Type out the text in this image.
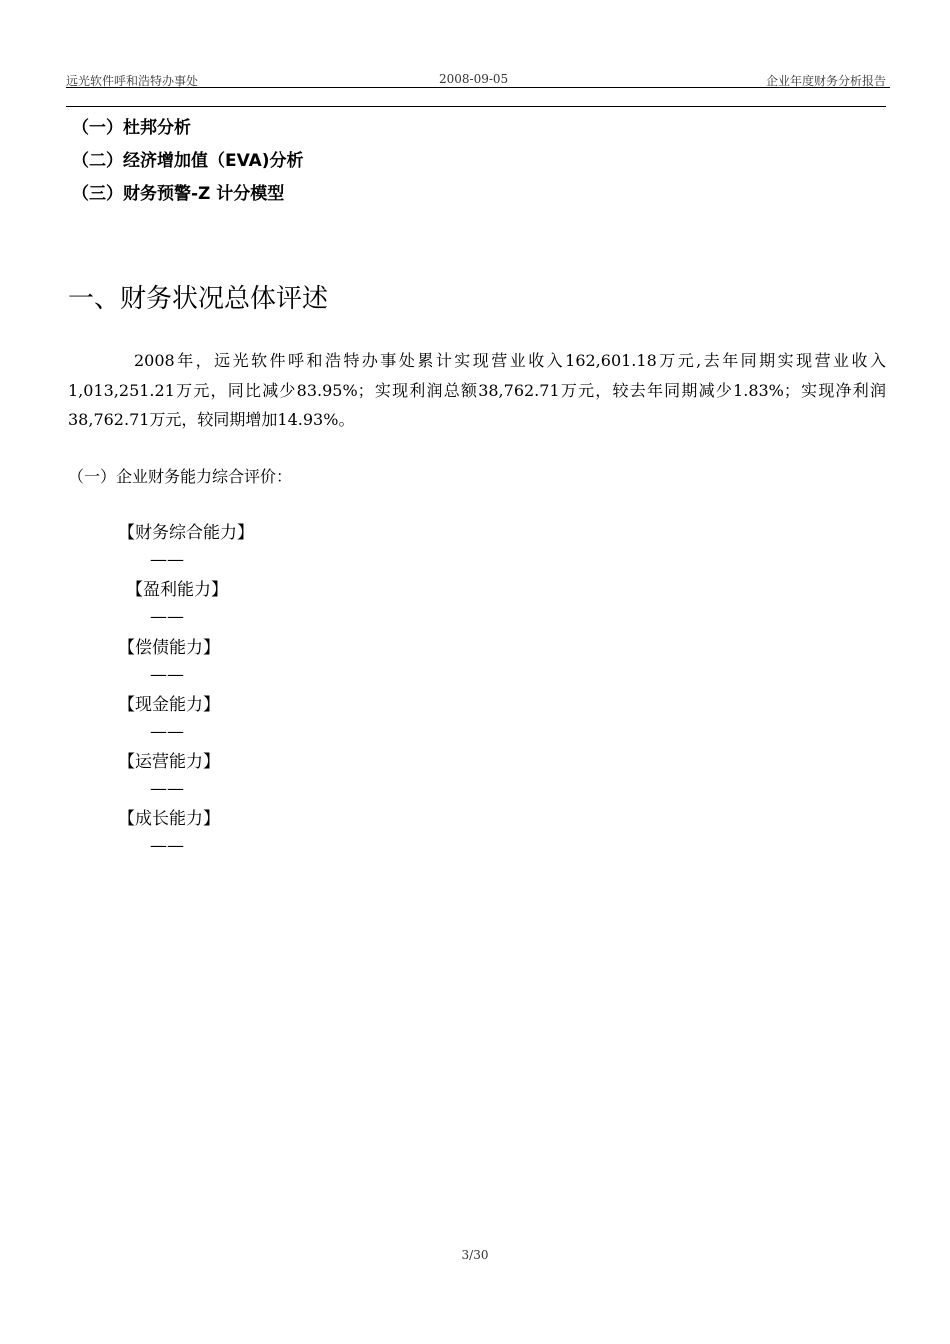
远光软件呼和浩特办事处	2008-09-05	企业年度财务分析报告
（一）杜邦分析
（二）经济增加值（EVA)分析
（三）财务预警-Z 计分模型
一、财务状况总体评述
2008年，远光软件呼和浩特办事处累计实现营业收入162,601.18万元,去年同期实现营业收入1,013,251.21万元，同比减少83.95%；实现利润总额38,762.71万元，较去年同期减少1.83%；实现净利润38,762.71万元，较同期增加14.93%。
（一）企业财务能力综合评价：
【财务综合能力】
——
【盈利能力】
——
【偿债能力】
——
【现金能力】
——
【运营能力】
——
【成长能力】
——
3/30
